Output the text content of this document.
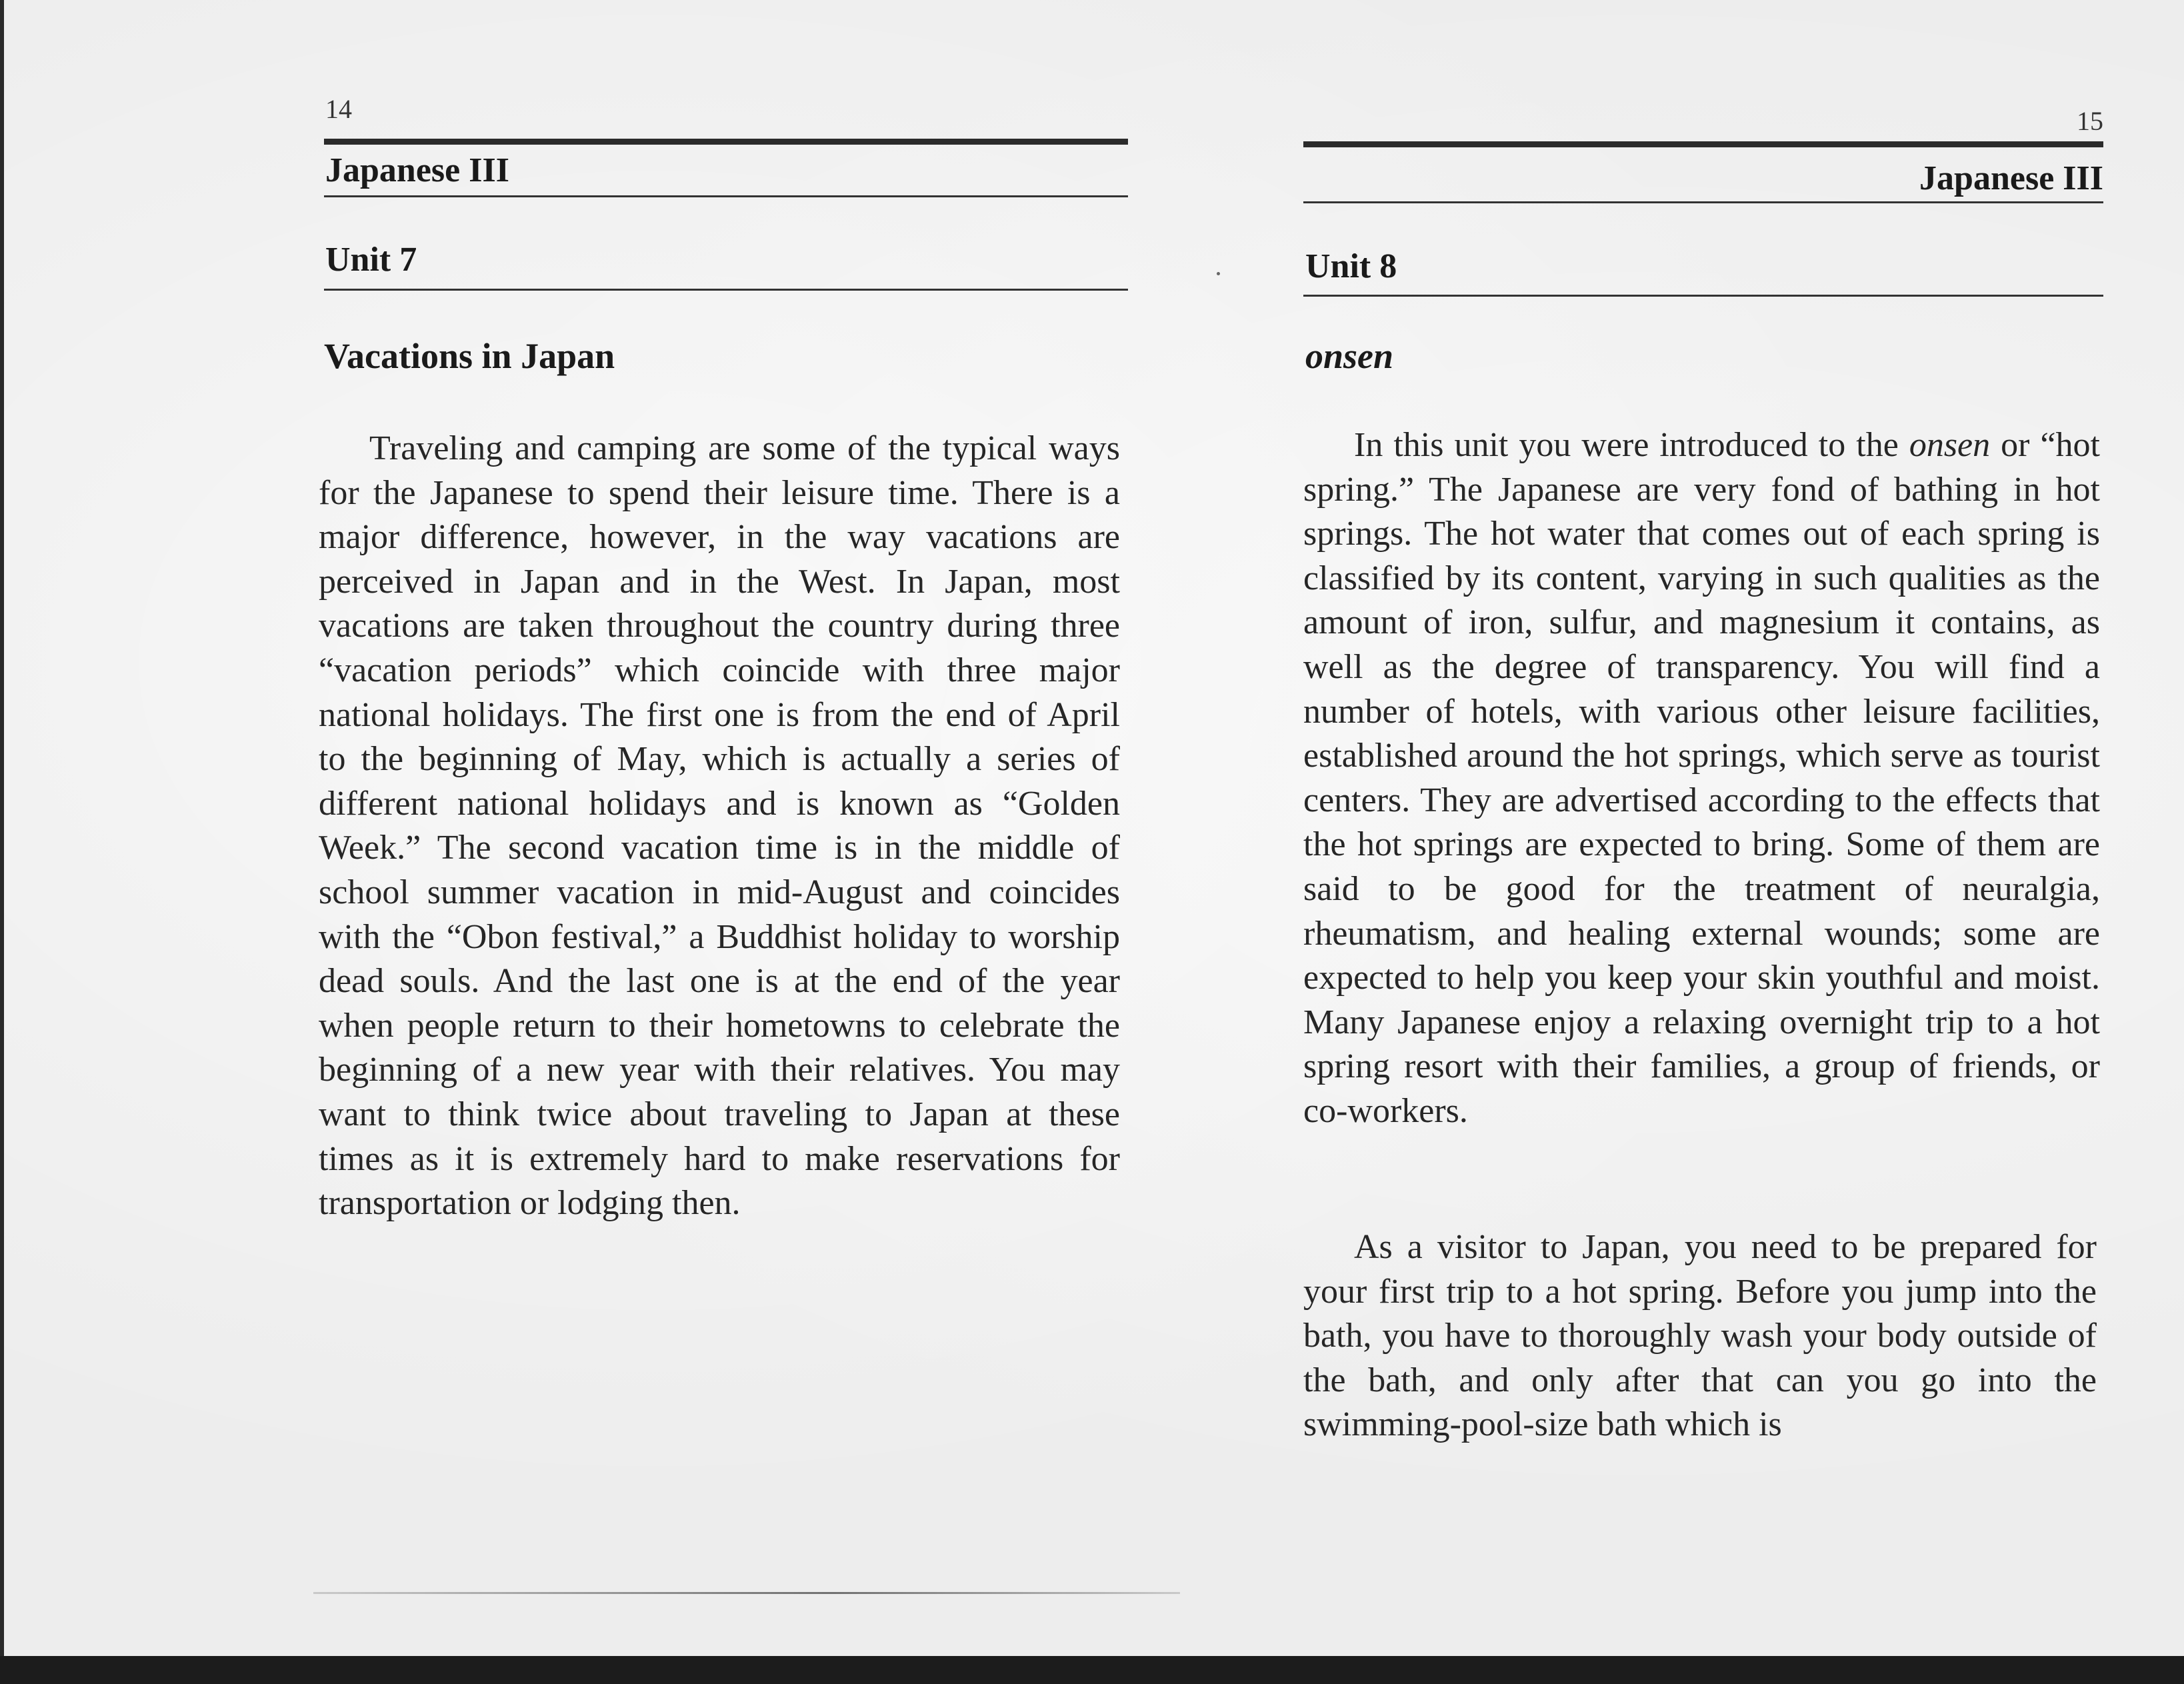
14
Japanese III
Unit 7
Vacations in Japan

Traveling and camping are some of the typical ways for the Japanese to spend their leisure time. There is a major difference, however, in the way vacations are perceived in Japan and in the West. In Japan, most vacations are taken throughout the country during three “vacation periods” which coincide with three major national holidays. The first one is from the end of April to the beginning of May, which is actually a series of different national holidays and is known as “Golden Week.” The second vacation time is in the middle of school summer vacation in mid-August and coincides with the “Obon festival,” a Buddhist holiday to worship dead souls. And the last one is at the end of the year when people return to their hometowns to celebrate the beginning of a new year with their relatives. You may want to think twice about traveling to Japan at these times as it is extremely hard to make reservations for transportation or lodging then.

15
Japanese III
Unit 8
onsen

In this unit you were introduced to the onsen or “hot spring.” The Japanese are very fond of bathing in hot springs. The hot water that comes out of each spring is classified by its content, varying in such qualities as the amount of iron, sulfur, and magnesium it contains, as well as the degree of transparency. You will find a number of hotels, with various other leisure facilities, established around the hot springs, which serve as tourist centers. They are advertised according to the effects that the hot springs are expected to bring. Some of them are said to be good for the treatment of neuralgia, rheumatism, and healing external wounds; some are expected to help you keep your skin youthful and moist. Many Japanese enjoy a relaxing overnight trip to a hot spring resort with their families, a group of friends, or co-workers.

As a visitor to Japan, you need to be prepared for your first trip to a hot spring. Before you jump into the bath, you have to thoroughly wash your body outside of the bath, and only after that can you go into the swimming-pool-size bath which is
